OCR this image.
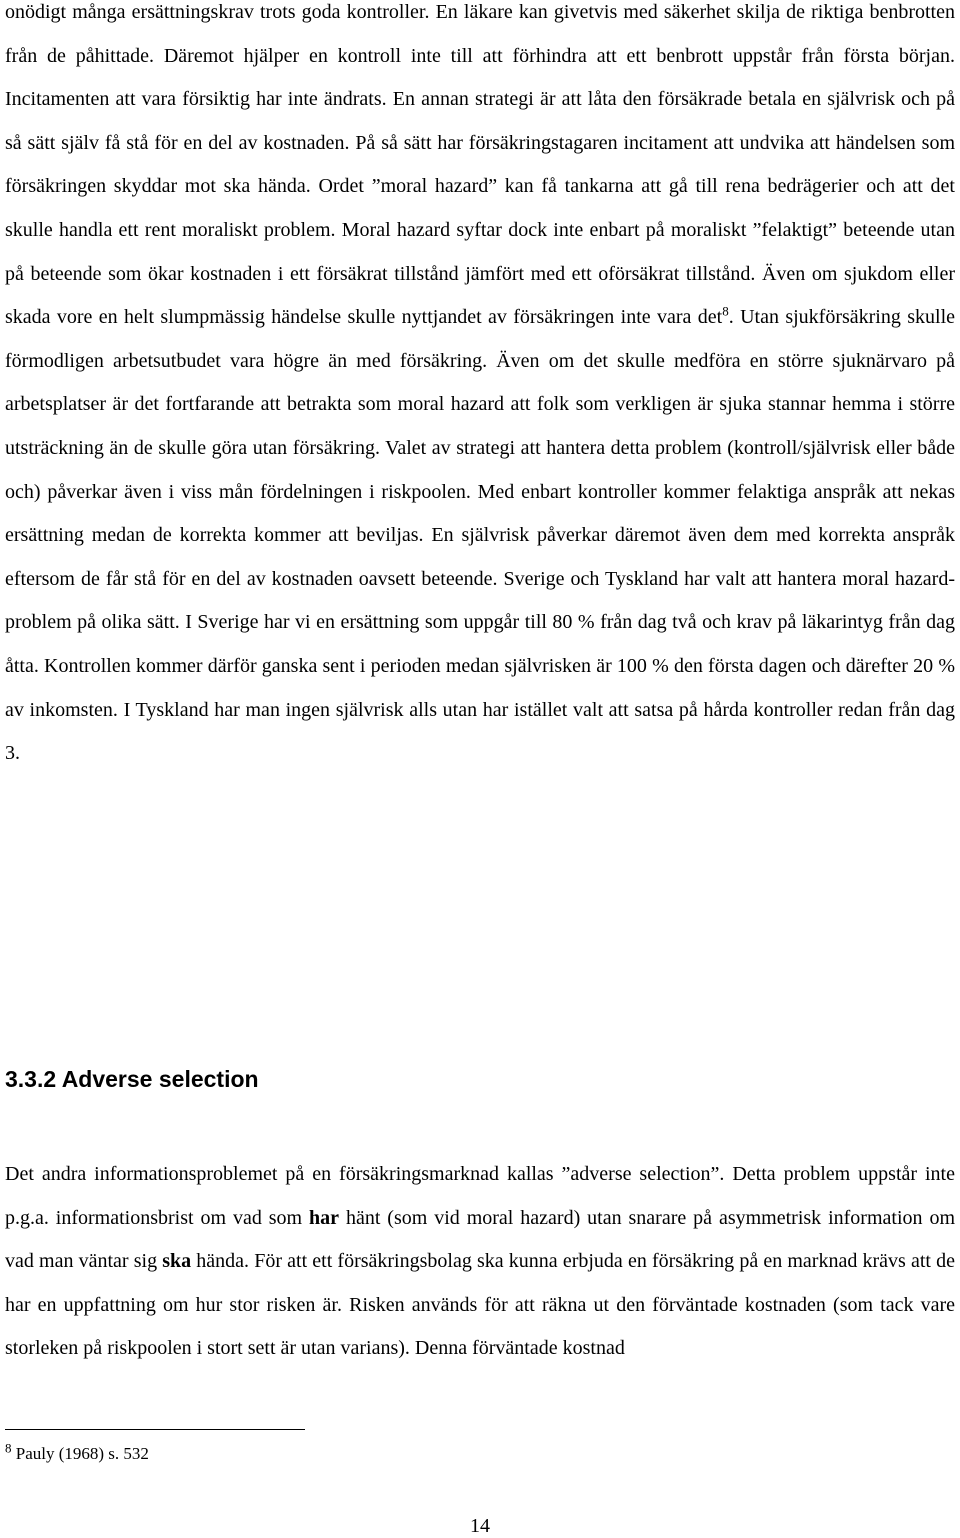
onödigt många ersättningskrav trots goda kontroller. En läkare kan givetvis med säkerhet skilja de riktiga benbrotten från de påhittade. Däremot hjälper en kontroll inte till att förhindra att ett benbrott uppstår från första början. Incitamenten att vara försiktig har inte ändrats. En annan strategi är att låta den försäkrade betala en självrisk och på så sätt själv få stå för en del av kostnaden. På så sätt har försäkringstagaren incitament att undvika att händelsen som försäkringen skyddar mot ska hända. Ordet ”moral hazard” kan få tankarna att gå till rena bedrägerier och att det skulle handla ett rent moraliskt problem. Moral hazard syftar dock inte enbart på moraliskt ”felaktigt” beteende utan på beteende som ökar kostnaden i ett försäkrat tillstånd jämfört med ett oförsäkrat tillstånd. Även om sjukdom eller skada vore en helt slumpmässig händelse skulle nyttjandet av försäkringen inte vara $\det^8$. Utan sjukförsäkring skulle förmodligen arbetsutbudet vara högre än med försäkring. Även om det skulle medföra en större sjuknärvaro på arbetsplatser är det fortfarande att betrakta som moral hazard att folk som verkligen är sjuka stannar hemma i större utsträckning än de skulle göra utan försäkring. Valet av strategi att hantera detta problem (kontroll/självrisk eller både och) påverkar även i viss mån fördelningen i riskpoolen. Med enbart kontroller kommer felaktiga anspråk att nekas ersättning medan de korrekta kommer att beviljas. En självrisk påverkar däremot även dem med korrekta anspråk eftersom de får stå för en del av kostnaden oavsett beteende. Sverige och Tyskland har valt att hantera moral hazard-problem på olika sätt. I Sverige har vi en ersättning som uppgår till 80 % från dag två och krav på läkarintyg från dag åtta. Kontrollen kommer därför ganska sent i perioden medan självrisken är 100 % den första dagen och därefter 20 % av inkomsten. I Tyskland har man ingen självrisk alls utan har istället valt att satsa på hårda kontroller redan från dag 3.

3.3.2 Adverse selection

Det andra informationsproblemet på en försäkringsmarknad kallas ”adverse selection”. Detta problem uppstår inte p.g.a. informationsbrist om vad som har hänt (som vid moral hazard) utan snarare på asymmetrisk information om vad man väntar sig ska hända. För att ett försäkringsbolag ska kunna erbjuda en försäkring på en marknad krävs att de har en uppfattning om hur stor risken är. Risken används för att räkna ut den förväntade kostnaden (som tack vare storleken på riskpoolen i stort sett är utan varians). Denna förväntade kostnad

$^8$ Pauly (1968) s. 532

14
